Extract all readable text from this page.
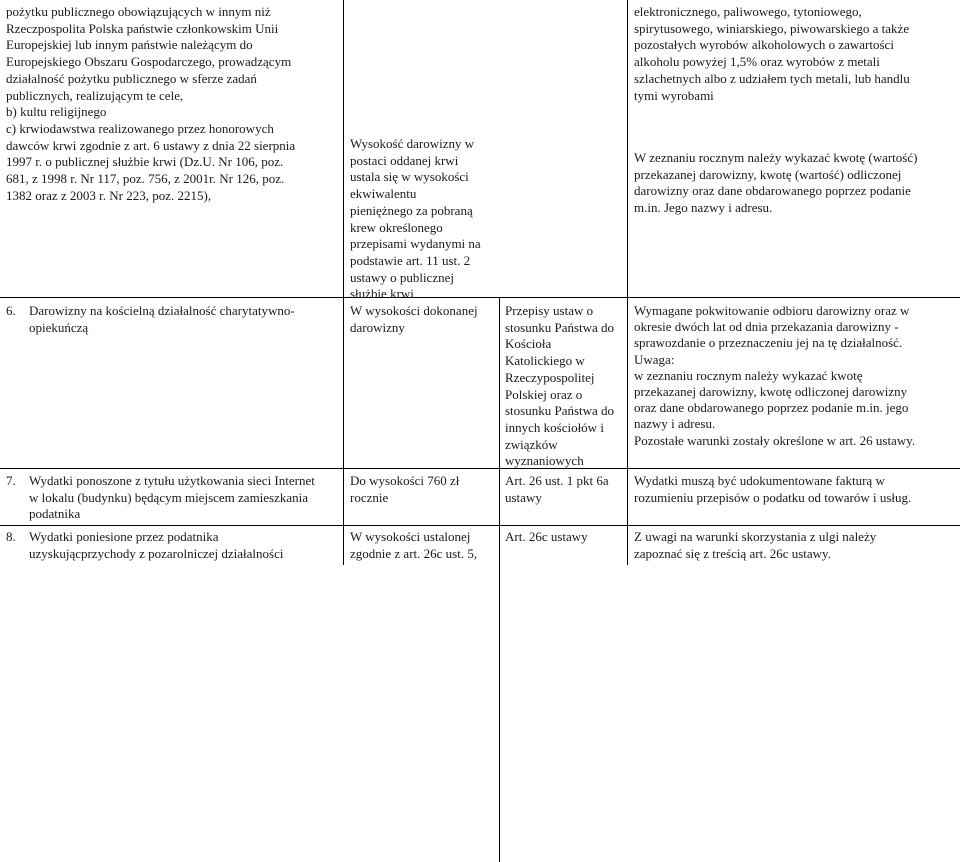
pożytku publicznego obowiązujących w innym niż
Rzeczpospolita Polska państwie członkowskim Unii
Europejskiej lub innym państwie należącym do
Europejskiego Obszaru Gospodarczego, prowadzącym
działalność pożytku publicznego w sferze zadań
publicznych, realizującym te cele,
b) kultu religijnego
c) krwiodawstwa realizowanego przez honorowych
dawców krwi zgodnie z art. 6 ustawy z dnia 22 sierpnia
1997 r. o publicznej służbie krwi (Dz.U. Nr 106, poz.
681, z 1998 r. Nr 117, poz. 756, z 2001r. Nr 126, poz.
1382 oraz z 2003 r. Nr 223, poz. 2215),
Wysokość darowizny w
postaci oddanej krwi
ustala się w wysokości
ekwiwalentu
pieniężnego za pobraną
krew określonego
przepisami wydanymi na
podstawie art. 11 ust. 2
ustawy o publicznej
służbie krwi
elektronicznego, paliwowego, tytoniowego,
spirytusowego, winiarskiego, piwowarskiego a także
pozostałych wyrobów alkoholowych o zawartości
alkoholu powyżej 1,5% oraz wyrobów z metali
szlachetnych albo z udziałem tych metali, lub handlu
tymi wyrobami
W zeznaniu rocznym należy wykazać kwotę (wartość)
przekazanej darowizny, kwotę (wartość) odliczonej
darowizny oraz dane obdarowanego poprzez podanie
m.in. Jego nazwy i adresu.
6. Darowizny na kościelną działalność charytatywno-
opiekuńczą
W wysokości dokonanej
darowizny
Przepisy ustaw o
stosunku Państwa do
Kościoła
Katolickiego w
Rzeczypospolitej
Polskiej oraz o
stosunku Państwa do
innych kościołów i
związków
wyznaniowych
Wymagane pokwitowanie odbioru darowizny oraz w
okresie dwóch lat od dnia przekazania darowizny -
sprawozdanie o przeznaczeniu jej na tę działalność.
Uwaga:
w zeznaniu rocznym należy wykazać kwotę
przekazanej darowizny, kwotę odliczonej darowizny
oraz dane obdarowanego poprzez podanie m.in. jego
nazwy i adresu.
Pozostałe warunki zostały określone w art. 26 ustawy.
7. Wydatki ponoszone z tytułu użytkowania sieci Internet
w lokalu (budynku) będącym miejscem zamieszkania
podatnika
Do wysokości 760 zł
rocznie
Art. 26 ust. 1 pkt 6a
ustawy
Wydatki muszą być udokumentowane fakturą w
rozumieniu przepisów o podatku od towarów i usług.
8. Wydatki poniesione przez podatnika
uzyskującprzychody z pozarolniczej działalności
W wysokości ustalonej
zgodnie z art. 26c ust. 5,
Art. 26c ustawy	Z uwagi na warunki skorzystania z ulgi należy
zapoznać się z treścią art. 26c ustawy.
